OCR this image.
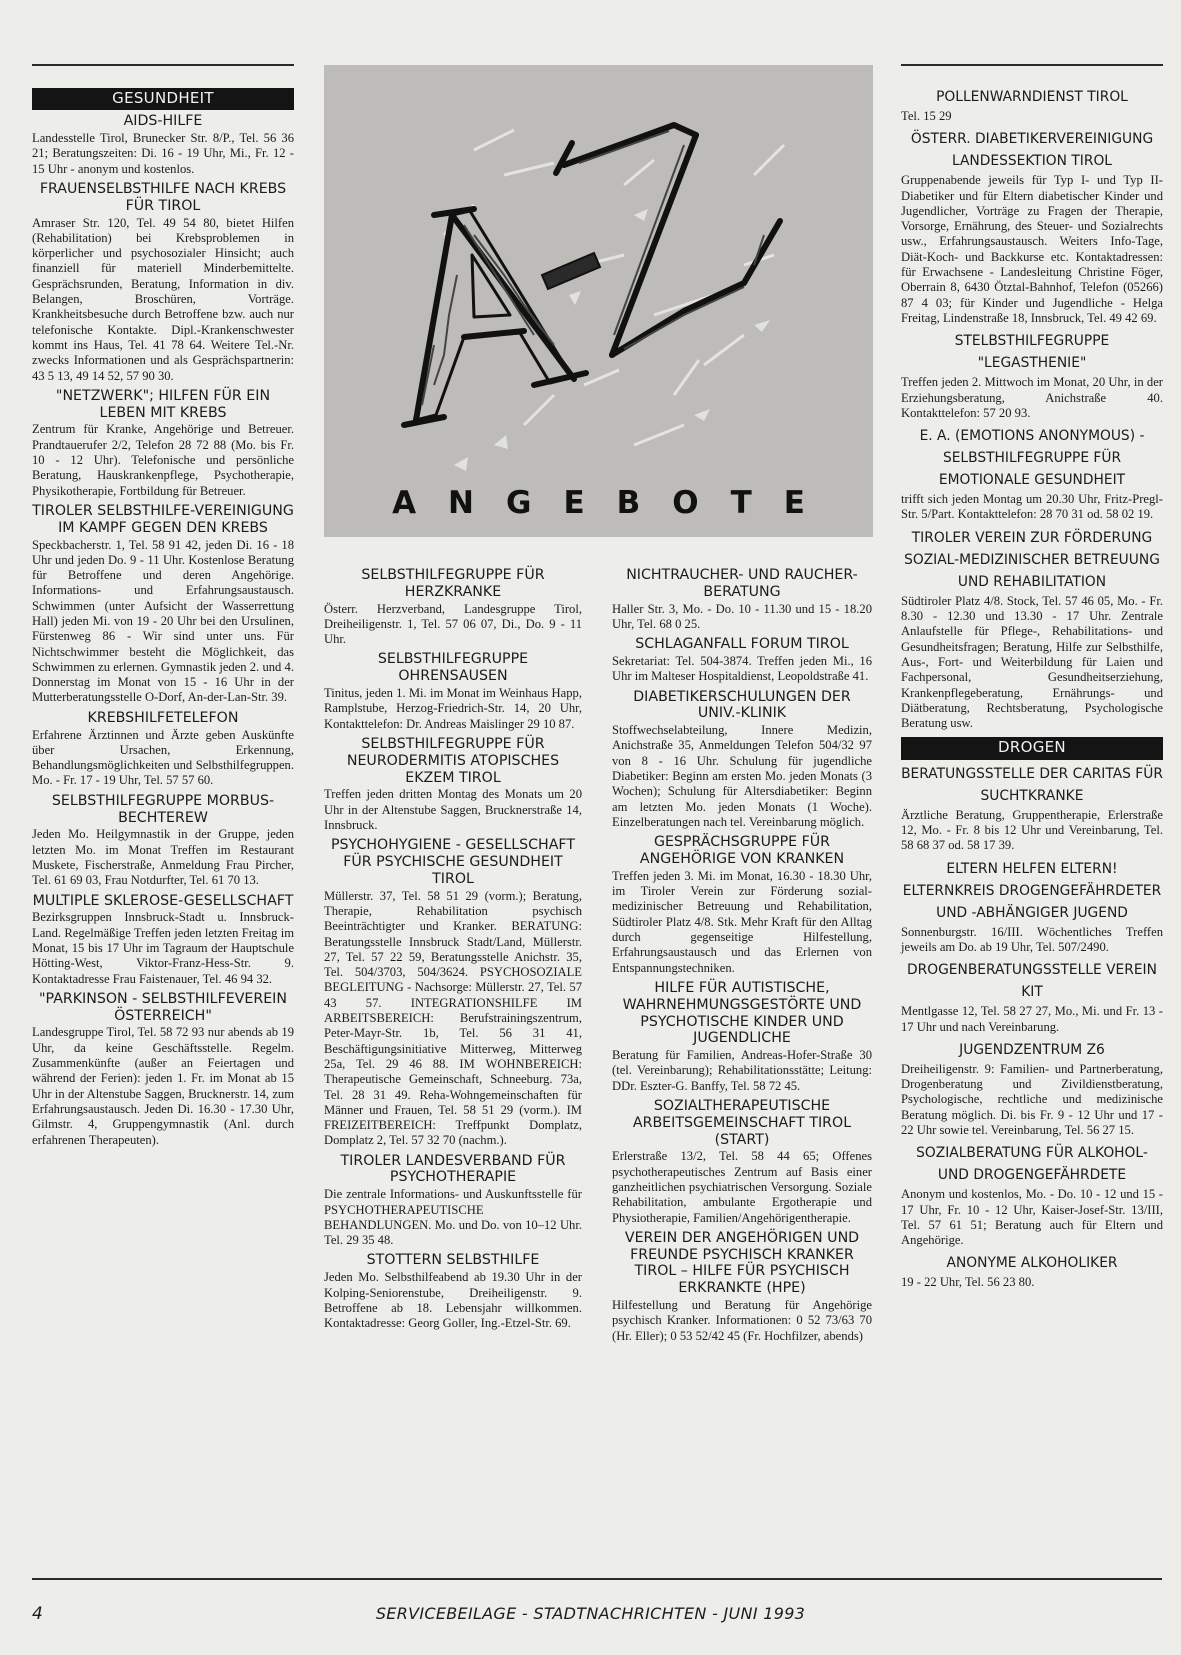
GESUNDHEIT
AIDS-HILFE

Landesstelle Tirol, Brunecker Str. 8/P., Tel. 56 36 21; Beratungszeiten: Di. 16 - 19 Uhr, Mi., Fr. 12 - 15 Uhr - anonym und kostenlos.

FRAUENSELBSTHILFE NACH KREBS FÜR TIROL

Amraser Str. 120, Tel. 49 54 80, bietet Hilfen (Rehabilitation) bei Krebsproblemen in körperlicher und psychosozialer Hinsicht; auch finanziell für materiell Minderbemittelte. Gesprächsrunden, Beratung, Information in div. Belangen, Broschüren, Vorträge. Krankheitsbesuche durch Betroffene bzw. auch nur telefonische Kontakte. Dipl.-Krankenschwester kommt ins Haus, Tel. 41 78 64. Weitere Tel.-Nr. zwecks Informationen und als Gesprächspartnerin: 43 5 13, 49 14 52, 57 90 30.

"NETZWERK"; HILFEN FÜR EIN LEBEN MIT KREBS

Zentrum für Kranke, Angehörige und Betreuer. Prandtauerufer 2/2, Telefon 28 72 88 (Mo. bis Fr. 10 - 12 Uhr). Telefonische und persönliche Beratung, Hauskrankenpflege, Psychotherapie, Physikotherapie, Fortbildung für Betreuer.

TIROLER SELBSTHILFE-VEREINIGUNG IM KAMPF GEGEN DEN KREBS

Speckbacherstr. 1, Tel. 58 91 42, jeden Di. 16 - 18 Uhr und jeden Do. 9 - 11 Uhr. Kostenlose Beratung für Betroffene und deren Angehörige. Informations- und Erfahrungsaustausch. Schwimmen (unter Aufsicht der Wasserrettung Hall) jeden Mi. von 19 - 20 Uhr bei den Ursulinen, Fürstenweg 86 - Wir sind unter uns. Für Nichtschwimmer besteht die Möglichkeit, das Schwimmen zu erlernen. Gymnastik jeden 2. und 4. Donnerstag im Monat von 15 - 16 Uhr in der Mutterberatungsstelle O-Dorf, An-der-Lan-Str. 39.

KREBSHILFETELEFON

Erfahrene Ärztinnen und Ärzte geben Auskünfte über Ursachen, Erkennung, Behandlungsmöglichkeiten und Selbsthilfegruppen. Mo. - Fr. 17 - 19 Uhr, Tel. 57 57 60.

SELBSTHILFEGRUPPE MORBUS-BECHTEREW

Jeden Mo. Heilgymnastik in der Gruppe, jeden letzten Mo. im Monat Treffen im Restaurant Muskete, Fischerstraße, Anmeldung Frau Pircher, Tel. 61 69 03, Frau Notdurfter, Tel. 61 70 13.

MULTIPLE SKLEROSE-GESELLSCHAFT

Bezirksgruppen Innsbruck-Stadt u. Innsbruck-Land. Regelmäßige Treffen jeden letzten Freitag im Monat, 15 bis 17 Uhr im Tagraum der Hauptschule Hötting-West, Viktor-Franz-Hess-Str. 9. Kontaktadresse Frau Faistenauer, Tel. 46 94 32.

"PARKINSON - SELBSTHILFEVEREIN ÖSTERREICH"

Landesgruppe Tirol, Tel. 58 72 93 nur abends ab 19 Uhr, da keine Geschäftsstelle. Regelm. Zusammenkünfte (außer an Feiertagen und während der Ferien): jeden 1. Fr. im Monat ab 15 Uhr in der Altenstube Saggen, Brucknerstr. 14, zum Erfahrungsaustausch. Jeden Di. 16.30 - 17.30 Uhr, Gilmstr. 4, Gruppengymnastik (Anl. durch erfahrenen Therapeuten).

ANGEBOTE
SELBSTHILFEGRUPPE FÜR HERZKRANKE

Österr. Herzverband, Landesgruppe Tirol, Dreiheiligenstr. 1, Tel. 57 06 07, Di., Do. 9 - 11 Uhr.

SELBSTHILFEGRUPPE OHRENSAUSEN

Tinitus, jeden 1. Mi. im Monat im Weinhaus Happ, Ramplstube, Herzog-Friedrich-Str. 14, 20 Uhr, Kontakttelefon: Dr. Andreas Maislinger 29 10 87.

SELBSTHILFEGRUPPE FÜR NEURODERMITIS ATOPISCHES EKZEM TIROL

Treffen jeden dritten Montag des Monats um 20 Uhr in der Altenstube Saggen, Brucknerstraße 14, Innsbruck.

PSYCHOHYGIENE - GESELLSCHAFT FÜR PSYCHISCHE GESUNDHEIT TIROL

Müllerstr. 37, Tel. 58 51 29 (vorm.); Beratung, Therapie, Rehabilitation psychisch Beeinträchtigter und Kranker. BERATUNG: Beratungsstelle Innsbruck Stadt/Land, Müllerstr. 27, Tel. 57 22 59, Beratungsstelle Anichstr. 35, Tel. 504/3703, 504/3624. PSYCHOSOZIALE BEGLEITUNG - Nachsorge: Müllerstr. 27, Tel. 57 43 57. INTEGRATIONSHILFE IM ARBEITSBEREICH: Berufstrainingszentrum, Peter-Mayr-Str. 1b, Tel. 56 31 41, Beschäftigungsinitiative Mitterweg, Mitterweg 25a, Tel. 29 46 88. IM WOHNBEREICH: Therapeutische Gemeinschaft, Schneeburg. 73a, Tel. 28 31 49. Reha-Wohngemeinschaften für Männer und Frauen, Tel. 58 51 29 (vorm.). IM FREIZEITBEREICH: Treffpunkt Domplatz, Domplatz 2, Tel. 57 32 70 (nachm.).

TIROLER LANDESVERBAND FÜR PSYCHOTHERAPIE

Die zentrale Informations- und Auskunftsstelle für PSYCHOTHERAPEUTISCHE BEHANDLUNGEN. Mo. und Do. von 10–12 Uhr. Tel. 29 35 48.

STOTTERN SELBSTHILFE

Jeden Mo. Selbsthilfeabend ab 19.30 Uhr in der Kolping-Seniorenstube, Dreiheiligenstr. 9. Betroffene ab 18. Lebensjahr willkommen. Kontaktadresse: Georg Goller, Ing.-Etzel-Str. 69.

NICHTRAUCHER- UND RAUCHER-BERATUNG

Haller Str. 3, Mo. - Do. 10 - 11.30 und 15 - 18.20 Uhr, Tel. 68 0 25.

SCHLAGANFALL FORUM TIROL

Sekretariat: Tel. 504-3874. Treffen jeden Mi., 16 Uhr im Malteser Hospitaldienst, Leopoldstraße 41.

DIABETIKERSCHULUNGEN DER UNIV.-KLINIK

Stoffwechselabteilung, Innere Medizin, Anichstraße 35, Anmeldungen Telefon 504/32 97 von 8 - 16 Uhr. Schulung für jugendliche Diabetiker: Beginn am ersten Mo. jeden Monats (3 Wochen); Schulung für Altersdiabetiker: Beginn am letzten Mo. jeden Monats (1 Woche). Einzelberatungen nach tel. Vereinbarung möglich.

GESPRÄCHSGRUPPE FÜR ANGEHÖRIGE VON KRANKEN

Treffen jeden 3. Mi. im Monat, 16.30 - 18.30 Uhr, im Tiroler Verein zur Förderung sozial-medizinischer Betreuung und Rehabilitation, Südtiroler Platz 4/8. Stk. Mehr Kraft für den Alltag durch gegenseitige Hilfestellung, Erfahrungsaustausch und das Erlernen von Entspannungstechniken.

HILFE FÜR AUTISTISCHE, WAHRNEHMUNGSGESTÖRTE UND PSYCHOTISCHE KINDER UND JUGENDLICHE

Beratung für Familien, Andreas-Hofer-Straße 30 (tel. Vereinbarung); Rehabilitationsstätte; Leitung: DDr. Eszter-G. Banffy, Tel. 58 72 45.

SOZIALTHERAPEUTISCHE ARBEITSGEMEINSCHAFT TIROL (START)

Erlerstraße 13/2, Tel. 58 44 65; Offenes psychotherapeutisches Zentrum auf Basis einer ganzheitlichen psychiatrischen Versorgung. Soziale Rehabilitation, ambulante Ergotherapie und Physiotherapie, Familien/Angehörigentherapie.

VEREIN DER ANGEHÖRIGEN UND FREUNDE PSYCHISCH KRANKER TIROL – HILFE FÜR PSYCHISCH ERKRANKTE (HPE)

Hilfestellung und Beratung für Angehörige psychisch Kranker. Informationen: 0 52 73/63 70 (Hr. Eller); 0 53 52/42 45 (Fr. Hochfilzer, abends)

POLLENWARNDIENST TIROL

Tel. 15 29

ÖSTERR. DIABETIKERVEREINIGUNG LANDESSEKTION TIROL

Gruppenabende jeweils für Typ I- und Typ II-Diabetiker und für Eltern diabetischer Kinder und Jugendlicher, Vorträge zu Fragen der Therapie, Vorsorge, Ernährung, des Steuer- und Sozialrechts usw., Erfahrungsaustausch. Weiters Info-Tage, Diät-Koch- und Backkurse etc. Kontaktadressen: für Erwachsene - Landesleitung Christine Föger, Oberrain 8, 6430 Ötztal-Bahnhof, Telefon (05266) 87 4 03; für Kinder und Jugendliche - Helga Freitag, Lindenstraße 18, Innsbruck, Tel. 49 42 69.

STELBSTHILFEGRUPPE "LEGASTHENIE"

Treffen jeden 2. Mittwoch im Monat, 20 Uhr, in der Erziehungsberatung, Anichstraße 40. Kontakttelefon: 57 20 93.

E. A. (EMOTIONS ANONYMOUS) - SELBSTHILFEGRUPPE FÜR EMOTIONALE GESUNDHEIT

trifft sich jeden Montag um 20.30 Uhr, Fritz-Pregl-Str. 5/Part. Kontakttelefon: 28 70 31 od. 58 02 19.

TIROLER VEREIN ZUR FÖRDERUNG SOZIAL-MEDIZINISCHER BETREUUNG UND REHABILITATION

Südtiroler Platz 4/8. Stock, Tel. 57 46 05, Mo. - Fr. 8.30 - 12.30 und 13.30 - 17 Uhr. Zentrale Anlaufstelle für Pflege-, Rehabilitations- und Gesundheitsfragen; Beratung, Hilfe zur Selbsthilfe, Aus-, Fort- und Weiterbildung für Laien und Fachpersonal, Gesundheitserziehung, Krankenpflegeberatung, Ernährungs- und Diätberatung, Rechtsberatung, Psychologische Beratung usw.

DROGEN
BERATUNGSSTELLE DER CARITAS FÜR SUCHTKRANKE

Ärztliche Beratung, Gruppentherapie, Erlerstraße 12, Mo. - Fr. 8 bis 12 Uhr und Vereinbarung, Tel. 58 68 37 od. 58 17 39.

ELTERN HELFEN ELTERN! ELTERNKREIS DROGENGEFÄHRDETER UND -ABHÄNGIGER JUGEND

Sonnenburgstr. 16/III. Wöchentliches Treffen jeweils am Do. ab 19 Uhr, Tel. 507/2490.

DROGENBERATUNGSSTELLE VEREIN KIT

Mentlgasse 12, Tel. 58 27 27, Mo., Mi. und Fr. 13 - 17 Uhr und nach Vereinbarung.

JUGENDZENTRUM Z6

Dreiheiligenstr. 9: Familien- und Partnerberatung, Drogenberatung und Zivildienstberatung, Psychologische, rechtliche und medizinische Beratung möglich. Di. bis Fr. 9 - 12 Uhr und 17 - 22 Uhr sowie tel. Vereinbarung, Tel. 56 27 15.

SOZIALBERATUNG FÜR ALKOHOL- UND DROGENGEFÄHRDETE

Anonym und kostenlos, Mo. - Do. 10 - 12 und 15 - 17 Uhr, Fr. 10 - 12 Uhr, Kaiser-Josef-Str. 13/III, Tel. 57 61 51; Beratung auch für Eltern und Angehörige.

ANONYME ALKOHOLIKER

19 - 22 Uhr, Tel. 56 23 80.

4	SERVICEBEILAGE - STADTNACHRICHTEN - JUNI 1993
